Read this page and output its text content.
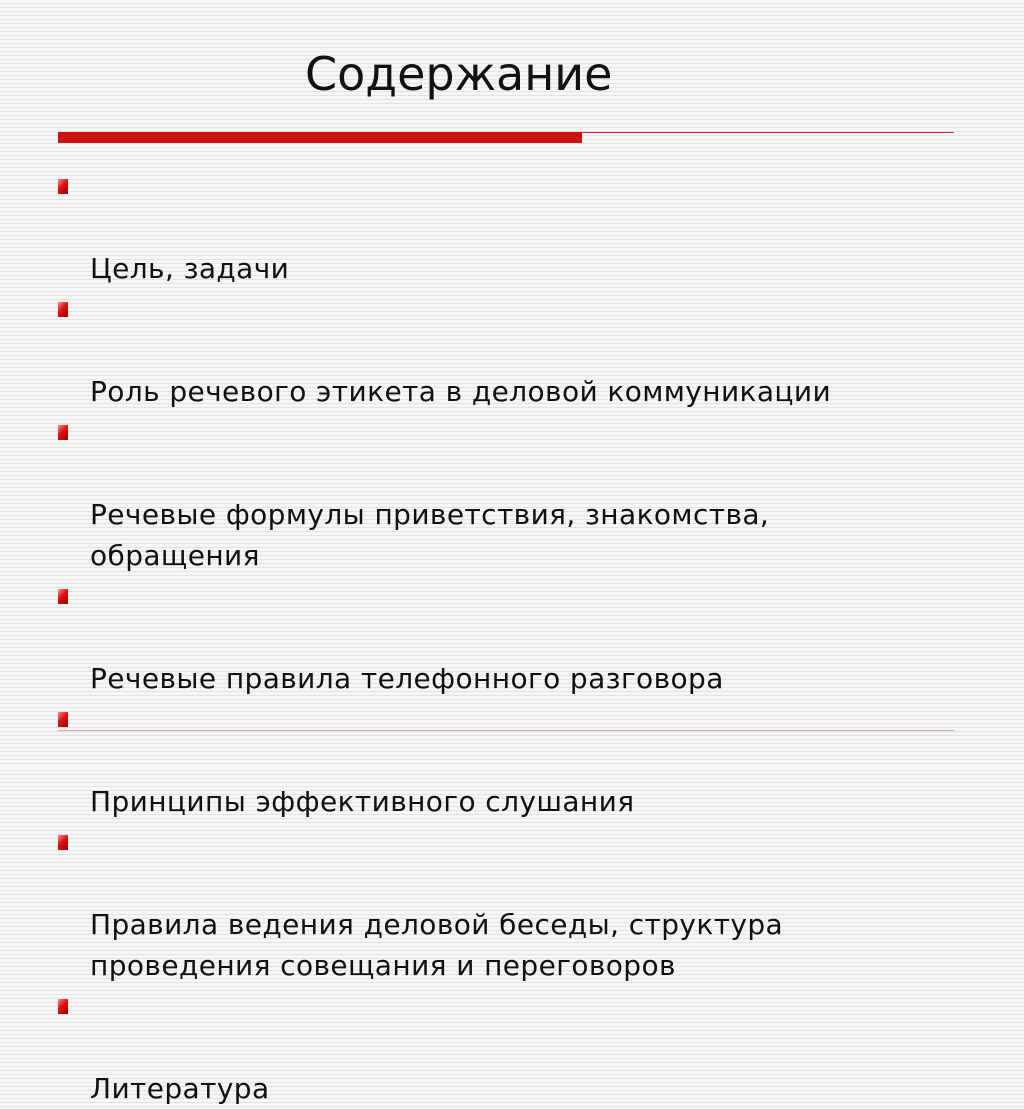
Содержание

Цель, задачи

Роль речевого этикета в деловой коммуникации

Речевые формулы приветствия, знакомства,
обращения

Речевые правила телефонного разговора

Принципы эффективного слушания

Правила ведения деловой беседы, структура
проведения совещания и переговоров

Литература
